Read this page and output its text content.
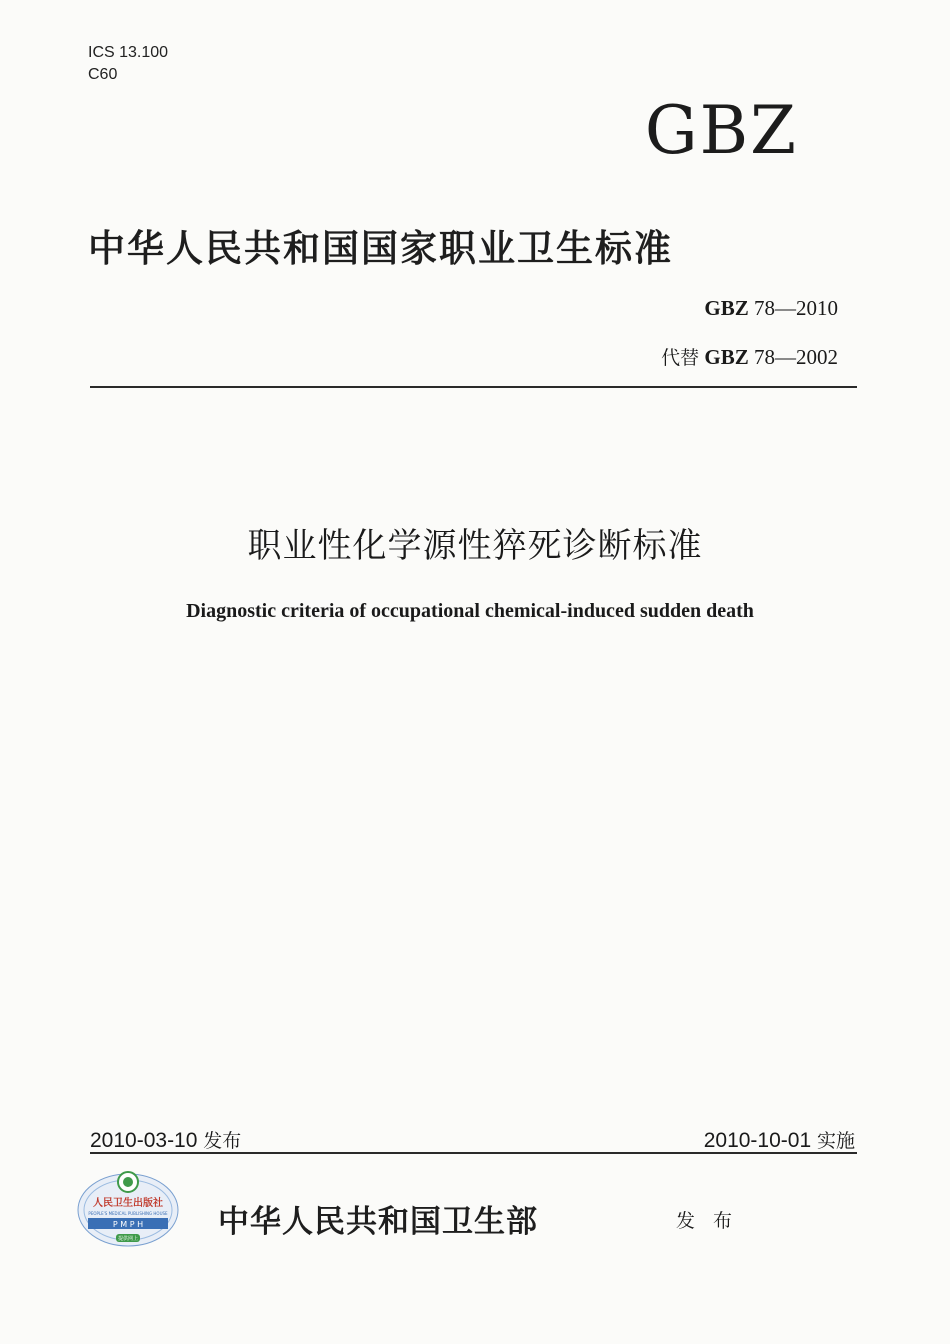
ICS 13.100
C60
GBZ
中华人民共和国国家职业卫生标准
GBZ 78—2010
代替 GBZ 78—2002
职业性化学源性猝死诊断标准
Diagnostic criteria of occupational chemical-induced sudden death
2010-03-10 发布	2010-10-01 实施
人民卫生出版社
PEOPLE'S MEDICAL PUBLISHING HOUSE
P M P H
提供网上	中华人民共和国卫生部	发 布
